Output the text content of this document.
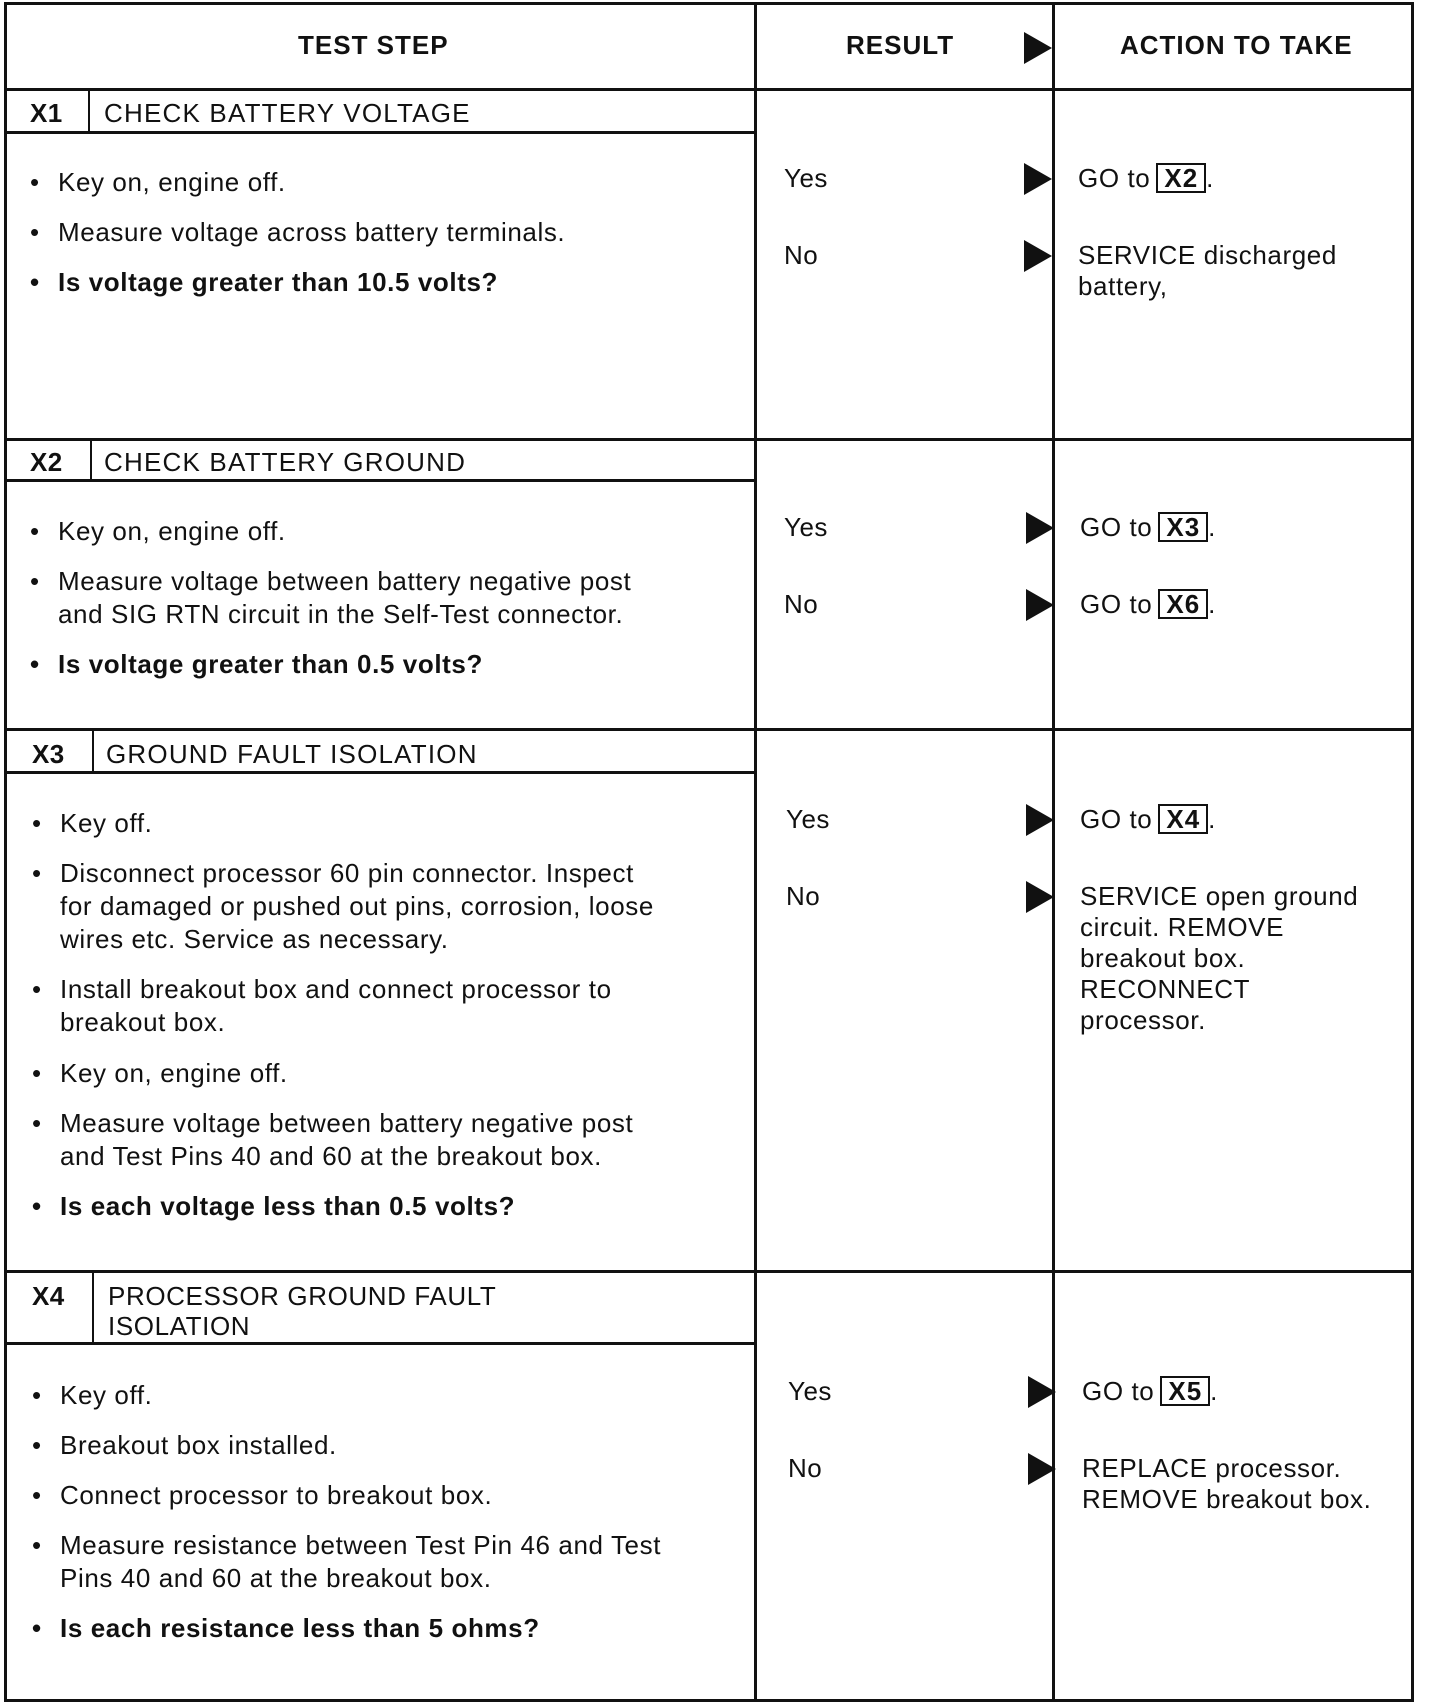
TEST STEP	RESULT	ACTION TO TAKE
X1 CHECK BATTERY VOLTAGE
• Key on, engine off.
• Measure voltage across battery terminals.
• Is voltage greater than 10.5 volts?
Yes	GO to X2 .
No	SERVICE discharged
battery,
X2 CHECK BATTERY GROUND
• Key on, engine off.
• Measure voltage between battery negative post
and SIG RTN circuit in the Self-Test connector.
• Is voltage greater than 0.5 volts?
Yes	GO to X3 .
No	GO to X6 .
X3 GROUND FAULT ISOLATION
• Key off.
• Disconnect processor 60 pin connector. Inspect
for damaged or pushed out pins, corrosion, loose
wires etc. Service as necessary.
• Install breakout box and connect processor to
breakout box.
• Key on, engine off.
• Measure voltage between battery negative post
and Test Pins 40 and 60 at the breakout box.
• Is each voltage less than 0.5 volts?
Yes	GO to X4 .
No	SERVICE open ground
circuit. REMOVE
breakout box.
RECONNECT
processor.
X4 PROCESSOR GROUND FAULT
ISOLATION
• Key off.
• Breakout box installed.
• Connect processor to breakout box.
• Measure resistance between Test Pin 46 and Test
Pins 40 and 60 at the breakout box.
• Is each resistance less than 5 ohms?
Yes	GO to X5 .
No	REPLACE processor.
REMOVE breakout box.
